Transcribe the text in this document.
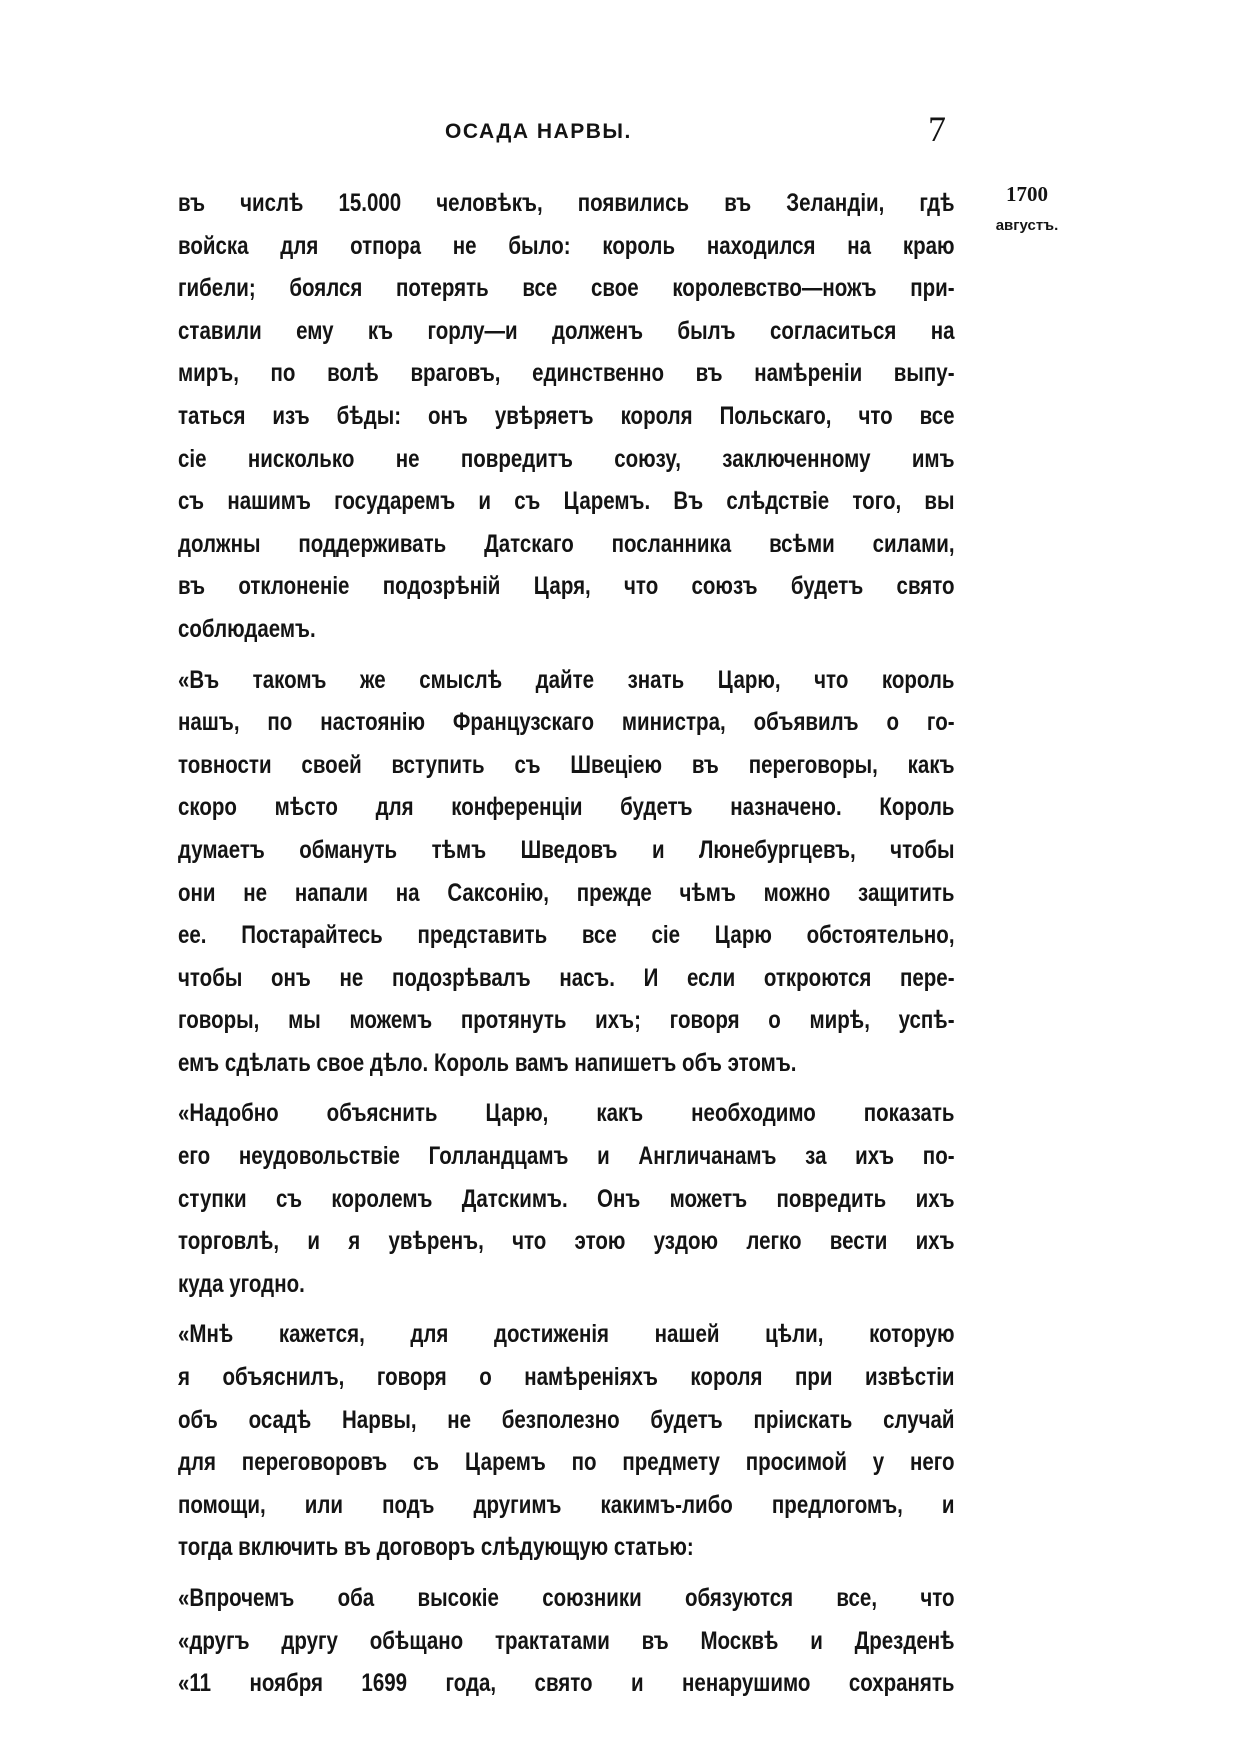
ОСАДА НАРВЫ.	7
1700
августъ.
въ числѣ 15.000 человѣкъ, появились въ Зеландіи, гдѣ
войска для отпора не было: король находился на краю
гибели; боялся потерять все свое королевство—ножъ при-
ставили ему къ горлу—и долженъ былъ согласиться на
миръ, по волѣ враговъ, единственно въ намѣреніи выпу-
таться изъ бѣды: онъ увѣряетъ короля Польскаго, что все
сіе нисколько не повредитъ союзу, заключенному имъ
съ нашимъ государемъ и съ Царемъ. Въ слѣдствіе того, вы
должны поддерживать Датскаго посланника всѣми силами,
въ отклоненіе подозрѣній Царя, что союзъ будетъ свято
соблюдаемъ.
«Въ такомъ же смыслѣ дайте знать Царю, что король
нашъ, по настоянію Французскаго министра, объявилъ о го-
товности своей вступить съ Швеціею въ переговоры, какъ
скоро мѣсто для конференціи будетъ назначено. Король
думаетъ обмануть тѣмъ Шведовъ и Люнебургцевъ, чтобы
они не напали на Саксонію, прежде чѣмъ можно защитить
ее. Постарайтесь представить все сіе Царю обстоятельно,
чтобы онъ не подозрѣвалъ насъ. И если откроются пере-
говоры, мы можемъ протянуть ихъ; говоря о мирѣ, успѣ-
емъ сдѣлать свое дѣло. Король вамъ напишетъ объ этомъ.
«Надобно объяснить Царю, какъ необходимо показать
его неудовольствіе Голландцамъ и Англичанамъ за ихъ по-
ступки съ королемъ Датскимъ. Онъ можетъ повредить ихъ
торговлѣ, и я увѣренъ, что этою уздою легко вести ихъ
куда угодно.
«Мнѣ кажется, для достиженія нашей цѣли, которую
я объяснилъ, говоря о намѣреніяхъ короля при извѣстіи
объ осадѣ Нарвы, не безполезно будетъ пріискать случай
для переговоровъ съ Царемъ по предмету просимой у него
помощи, или подъ другимъ какимъ-либо предлогомъ, и
тогда включить въ договоръ слѣдующую статью:
«Впрочемъ оба высокіе союзники обязуются все, что
«другъ другу обѣщано трактатами въ Москвѣ и Дрезденѣ
«11 ноября 1699 года, свято и ненарушимо сохранять
